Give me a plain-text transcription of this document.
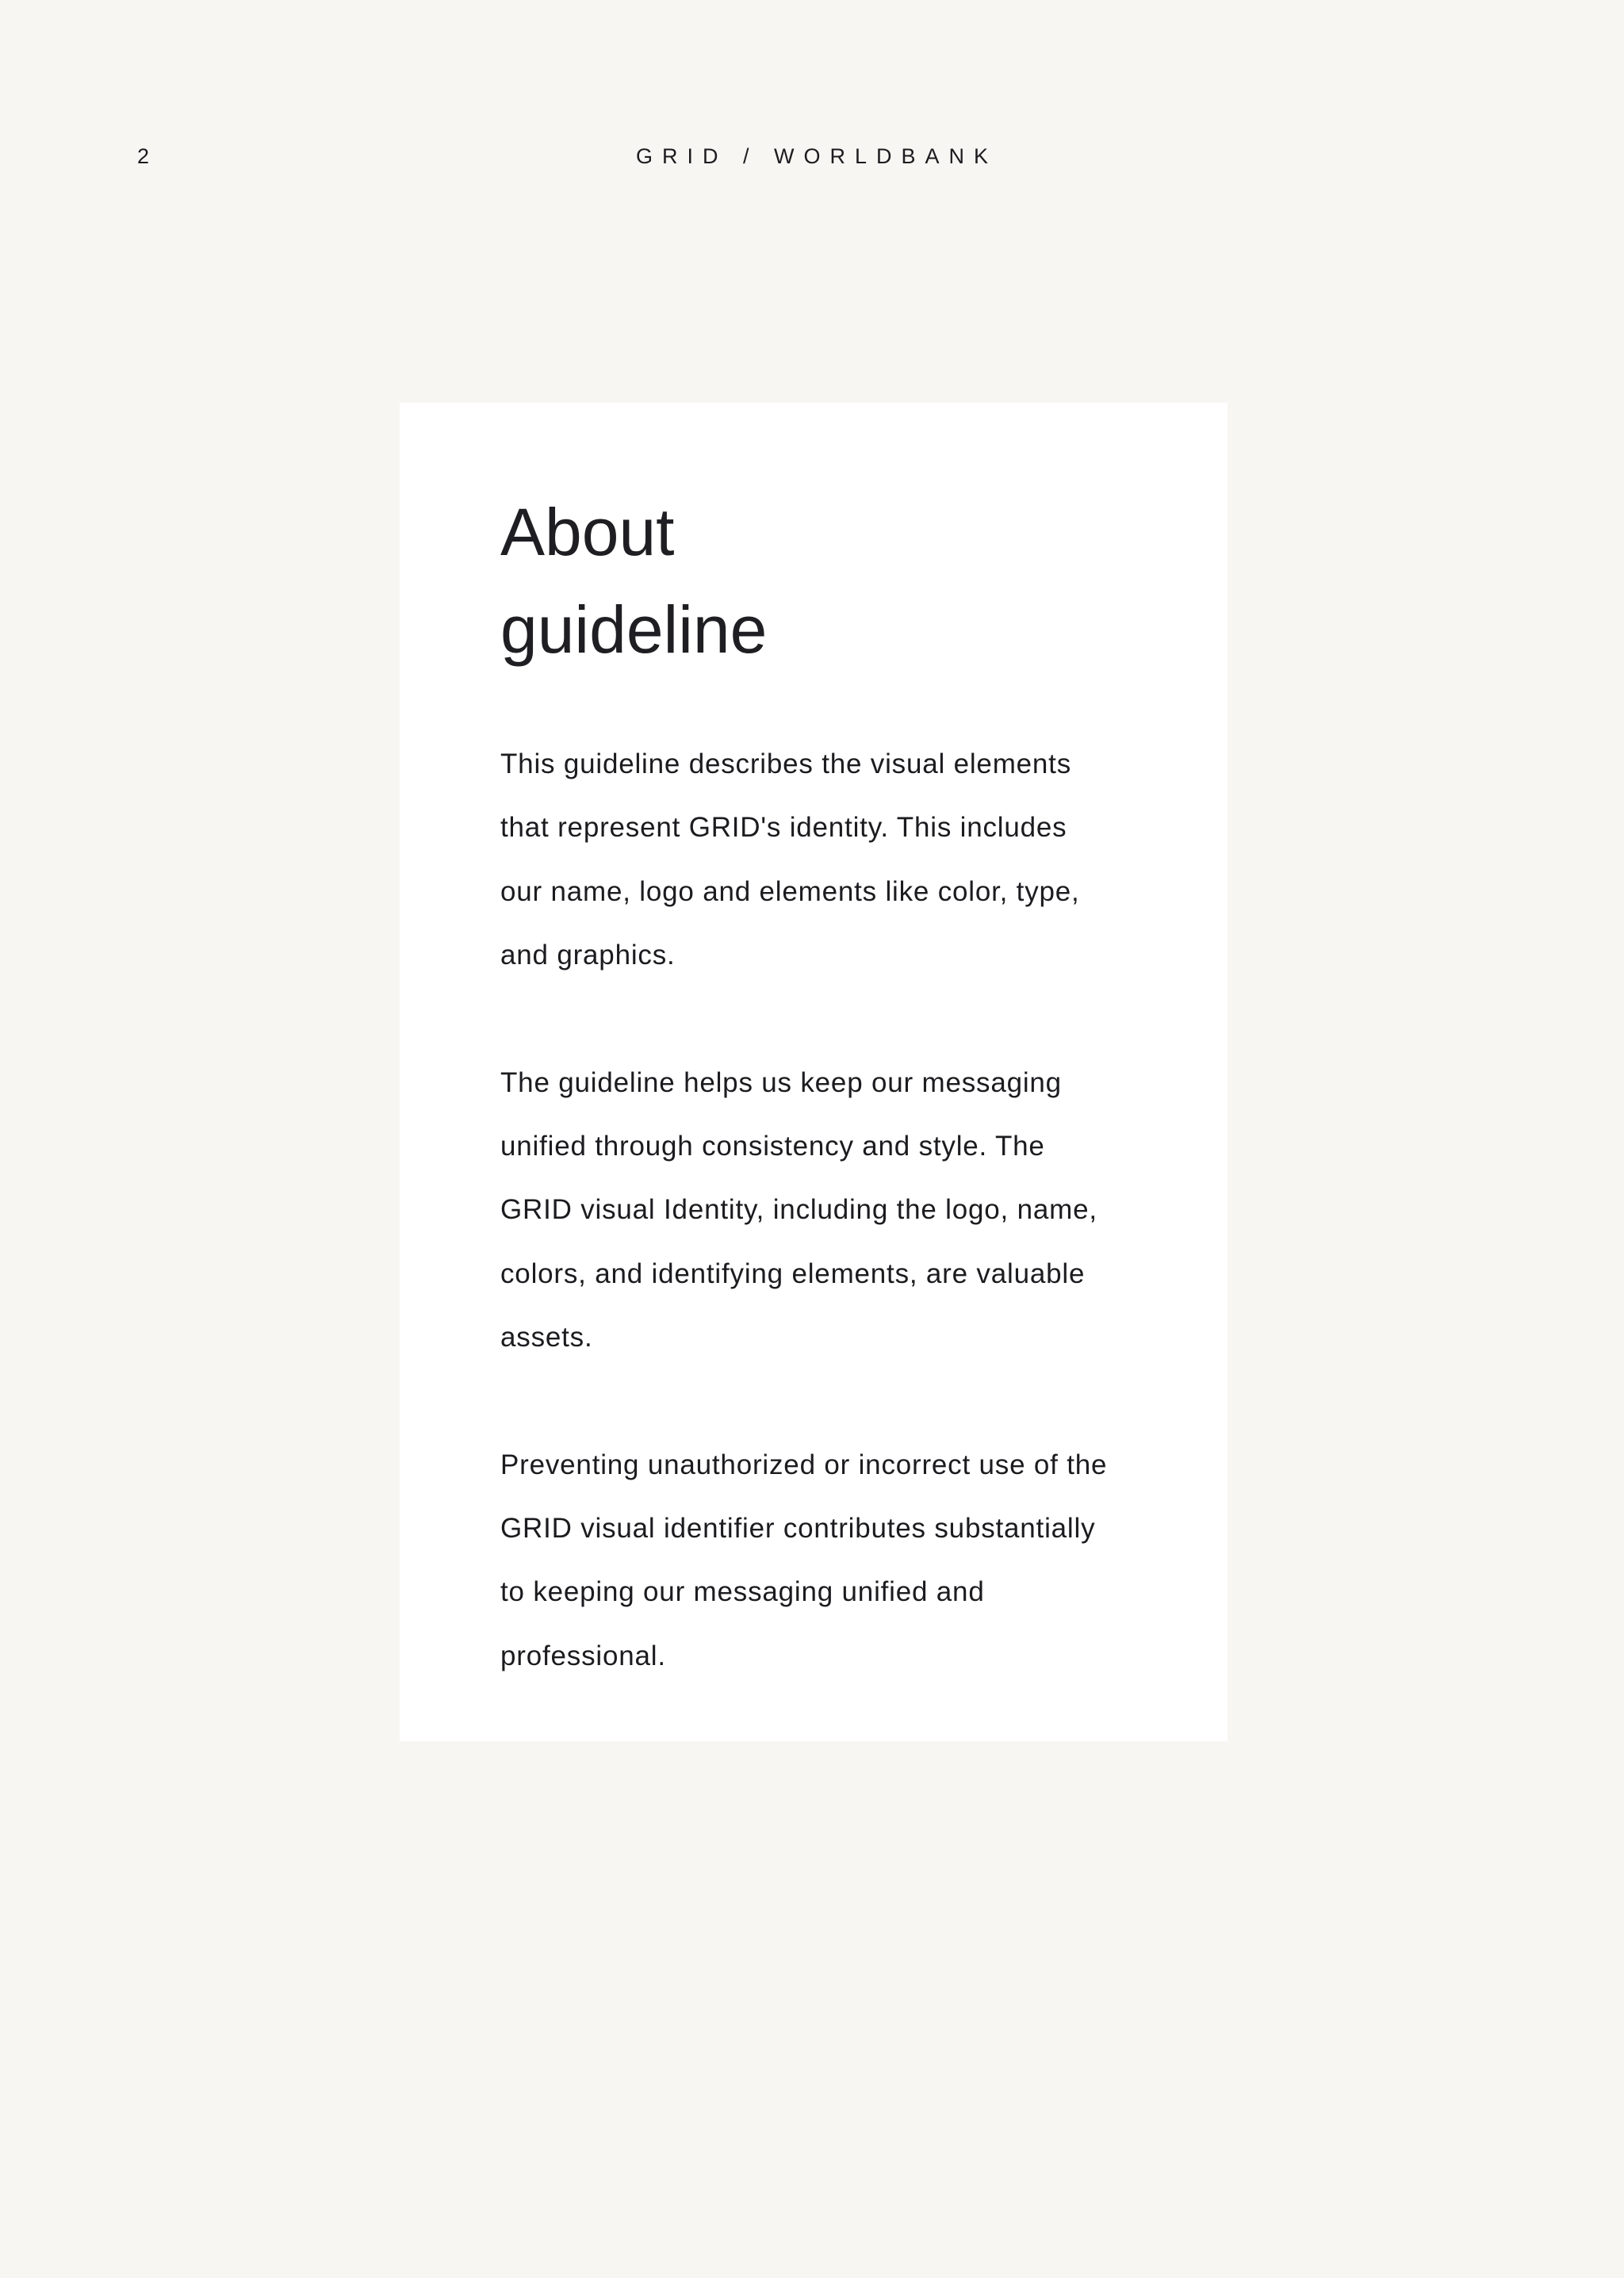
2	GRID / WORLDBANK
About
guideline

This guideline describes the visual elements
that represent GRID's identity. This includes
our name, logo and elements like color, type,
and graphics.

The guideline helps us keep our messaging
unified through consistency and style. The
GRID visual Identity, including the logo, name,
colors, and identifying elements, are valuable
assets.

Preventing unauthorized or incorrect use of the
GRID visual identifier contributes substantially
to keeping our messaging unified and
professional.
